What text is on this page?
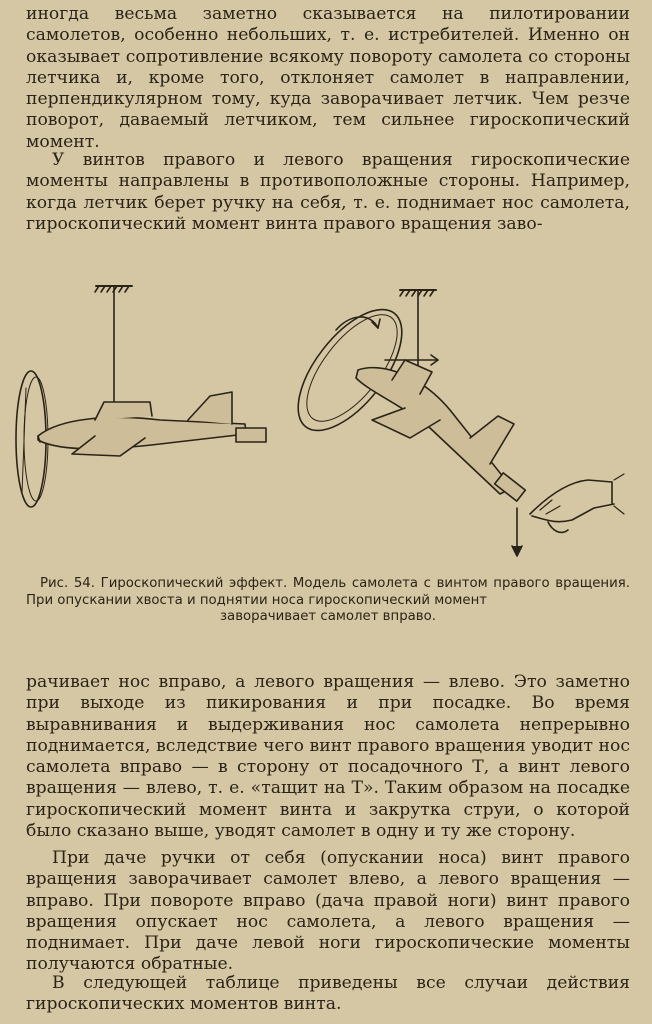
иногда весьма заметно сказывается на пилотировании самолетов, особенно небольших, т. е. истребителей. Именно он оказывает сопротивление всякому повороту самолета со стороны летчика и, кроме того, отклоняет самолет в направлении, перпендикулярном тому, куда заворачивает летчик. Чем резче поворот, даваемый летчиком, тем сильнее гироскопический момент.

У винтов правого и левого вращения гироскопические моменты направлены в противоположные стороны. Например, когда летчик берет ручку на себя, т. е. поднимает нос самолета, гироскопический момент винта правого вращения заво-

Рис. 54. Гироскопический эффект. Модель самолета с винтом правого вращения. При опускании хвоста и поднятии носа гироскопический момент
заворачивает самолет вправо.

рачивает нос вправо, а левого вращения — влево. Это заметно при выходе из пикирования и при посадке. Во время выравнивания и выдерживания нос самолета непрерывно поднимается, вследствие чего винт правого вращения уводит нос самолета вправо — в сторону от посадочного Т, а винт левого вращения — влево, т. е. «тащит на Т». Таким образом на посадке гироскопический момент винта и закрутка струи, о которой было сказано выше, уводят самолет в одну и ту же сторону.

При даче ручки от себя (опускании носа) винт правого вращения заворачивает самолет влево, а левого вращения — вправо. При повороте вправо (дача правой ноги) винт правого вращения опускает нос самолета, а левого вращения — поднимает. При даче левой ноги гироскопические моменты получаются обратные.

В следующей таблице приведены все случаи действия гироскопических моментов винта.
